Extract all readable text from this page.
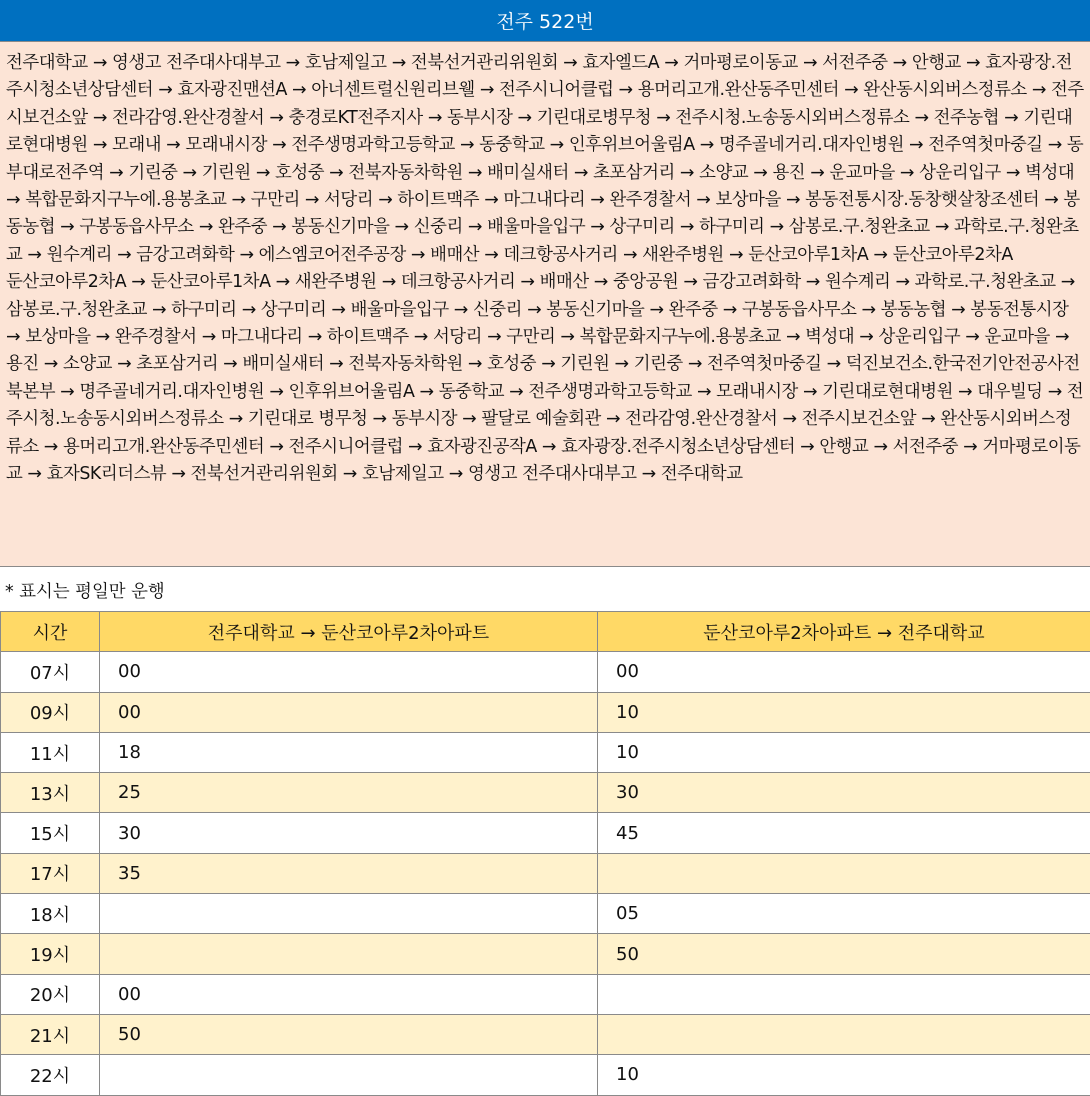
전주 522번

전주대학교 → 영생고 전주대사대부고 → 호남제일고 → 전북선거관리위원회 → 효자엘드A → 거마평로이동교 → 서전주중 → 안행교 → 효자광장.전주시청소년상담센터 → 효자광진맨션A → 아너센트럴신원리브웰 → 전주시니어클럽 → 용머리고개.완산동주민센터 → 완산동시외버스정류소 → 전주시보건소앞 → 전라감영.완산경찰서 → 충경로KT전주지사 → 동부시장 → 기린대로병무청 → 전주시청.노송동시외버스정류소 → 전주농협 → 기린대로현대병원 → 모래내 → 모래내시장 → 전주생명과학고등학교 → 동중학교 → 인후위브어울림A → 명주골네거리.대자인병원 → 전주역첫마중길 → 동부대로전주역 → 기린중 → 기린원 → 호성중 → 전북자동차학원 → 배미실새터 → 초포삼거리 → 소양교 → 용진 → 운교마을 → 상운리입구 → 벽성대 → 복합문화지구누에.용봉초교 → 구만리 → 서당리 → 하이트맥주 → 마그내다리 → 완주경찰서 → 보상마을 → 봉동전통시장.동창햇살창조센터 → 봉동농협 → 구봉동읍사무소 → 완주중 → 봉동신기마을 → 신중리 → 배울마을입구 → 상구미리 → 하구미리 → 삼봉로.구.청완초교 → 과학로.구.청완초교 → 원수계리 → 금강고려화학 → 에스엠코어전주공장 → 배매산 → 데크항공사거리 → 새완주병원 → 둔산코아루1차A → 둔산코아루2차A

둔산코아루2차A → 둔산코아루1차A → 새완주병원 → 데크항공사거리 → 배매산 → 중앙공원 → 금강고려화학 → 원수계리 → 과학로.구.청완초교 → 삼봉로.구.청완초교 → 하구미리 → 상구미리 → 배울마을입구 → 신중리 → 봉동신기마을 → 완주중 → 구봉동읍사무소 → 봉동농협 → 봉동전통시장 → 보상마을 → 완주경찰서 → 마그내다리 → 하이트맥주 → 서당리 → 구만리 → 복합문화지구누에.용봉초교 → 벽성대 → 상운리입구 → 운교마을 → 용진 → 소양교 → 초포삼거리 → 배미실새터 → 전북자동차학원 → 호성중 → 기린원 → 기린중 → 전주역첫마중길 → 덕진보건소.한국전기안전공사전북본부 → 명주골네거리.대자인병원 → 인후위브어울림A → 동중학교 → 전주생명과학고등학교 → 모래내시장 → 기린대로현대병원 → 대우빌딩 → 전주시청.노송동시외버스정류소 → 기린대로 병무청 → 동부시장 → 팔달로 예술회관 → 전라감영.완산경찰서 → 전주시보건소앞 → 완산동시외버스정류소 → 용머리고개.완산동주민센터 → 전주시니어클럽 → 효자광진공작A → 효자광장.전주시청소년상담센터 → 안행교 → 서전주중 → 거마평로이동교 → 효자SK리더스뷰 → 전북선거관리위원회 → 호남제일고 → 영생고 전주대사대부고 → 전주대학교

* 표시는 평일만 운행
시간	전주대학교 → 둔산코아루2차아파트	둔산코아루2차아파트 → 전주대학교
07시	00	00
09시	00	10
11시	18	10
13시	25	30
15시	30	45
17시	35	
18시		05
19시		50
20시	00	
21시	50	
22시		10
